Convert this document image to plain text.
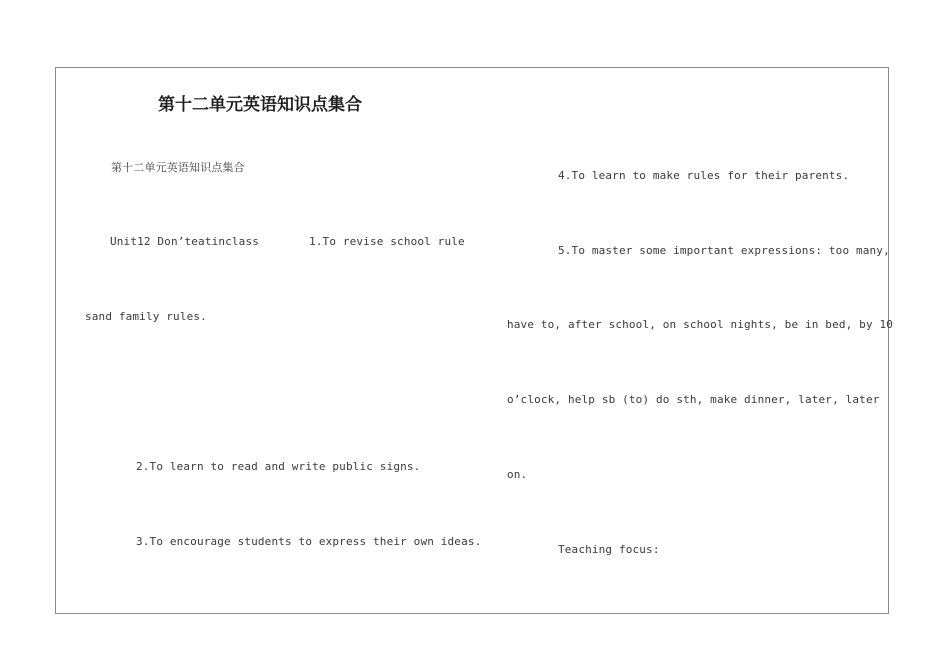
第十二单元英语知识点集合
第十二单元英语知识点集合
Unit12 Don’teatinclass	1.To revise school rule
sand family rules.
2.To learn to read and write public signs.
3.To encourage students to express their own ideas.
4.To learn to make rules for their parents.
5.To master some important expressions: too many,
have to, after school, on school nights, be in bed, by 10
o’clock, help sb (to) do sth, make dinner, later, later
on.
Teaching focus:
